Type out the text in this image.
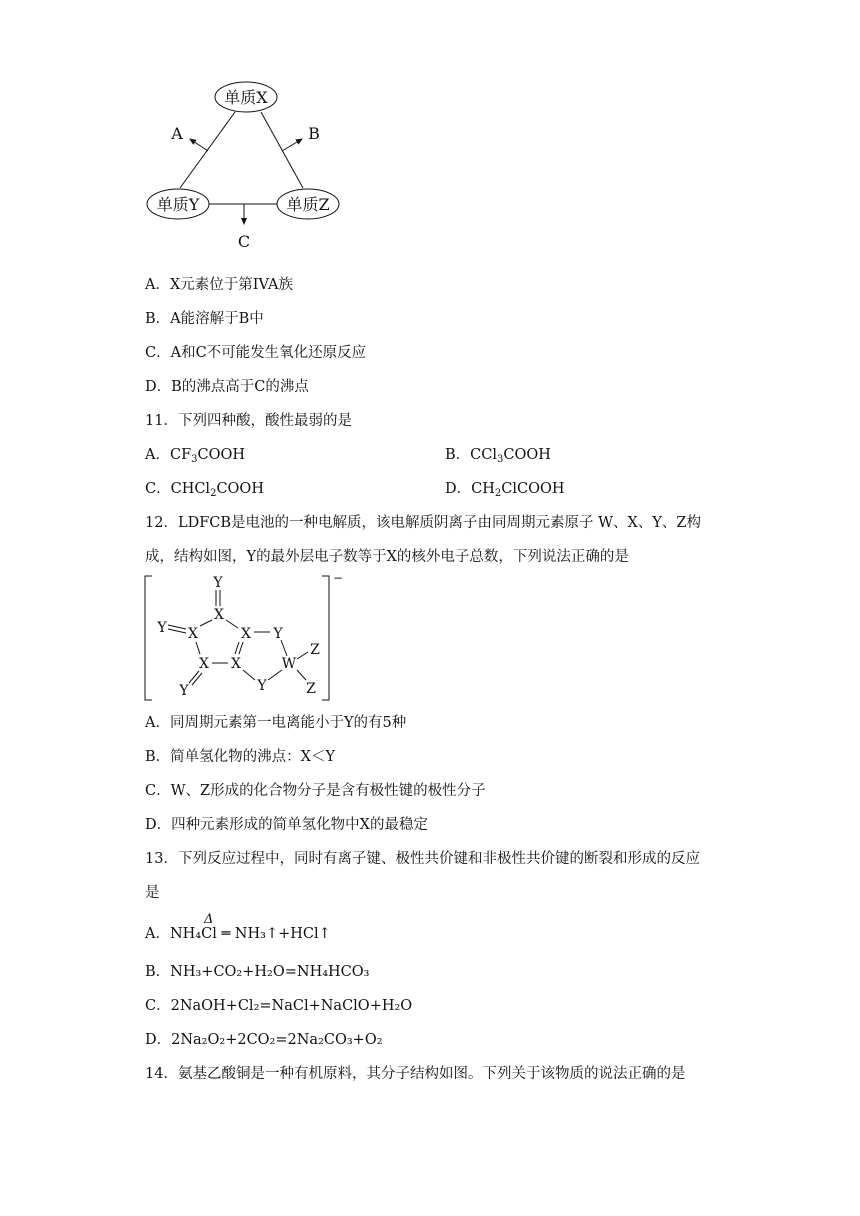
单质X
单质Y	单质Z
A	B
C
A．X元素位于第IVA族
B．A能溶解于B中
C．A和C不可能发生氧化还原反应
D．B的沸点高于C的沸点
11．下列四种酸，酸性最弱的是
A．$CF_3COOH$	B．CCl$_3$COOH
C．CHCl$_2$COOH	D．$CH_2ClCOOH$
12．LDFCB是电池的一种电解质，该电解质阴离子由同周期元素原子 W、X、Y、Z构
成，结构如图，Y的最外层电子数等于X的核外电子总数，下列说法正确的是
−
Y
X
Y X	X Y
X X	W
Z
Y	Z
Y
A．同周期元素第一电离能小于Y的有5种
B．简单氢化物的沸点：X＜Y
C．W、Z形成的化合物分子是含有极性键的极性分子
D．四种元素形成的简单氢化物中X的最稳定
13．下列反应过程中，同时有离子键、极性共价键和非极性共价键的断裂和形成的反应
是
Δ
A．NH₄Cl ═ NH₃↑+HCl↑
B．NH₃+CO₂+H₂O=NH₄HCO₃
C．2NaOH+Cl₂=NaCl+NaClO+H₂O
D．2Na₂O₂+2CO₂=2Na₂CO₃+O₂
14．氨基乙酸铜是一种有机原料，其分子结构如图。下列关于该物质的说法正确的是
